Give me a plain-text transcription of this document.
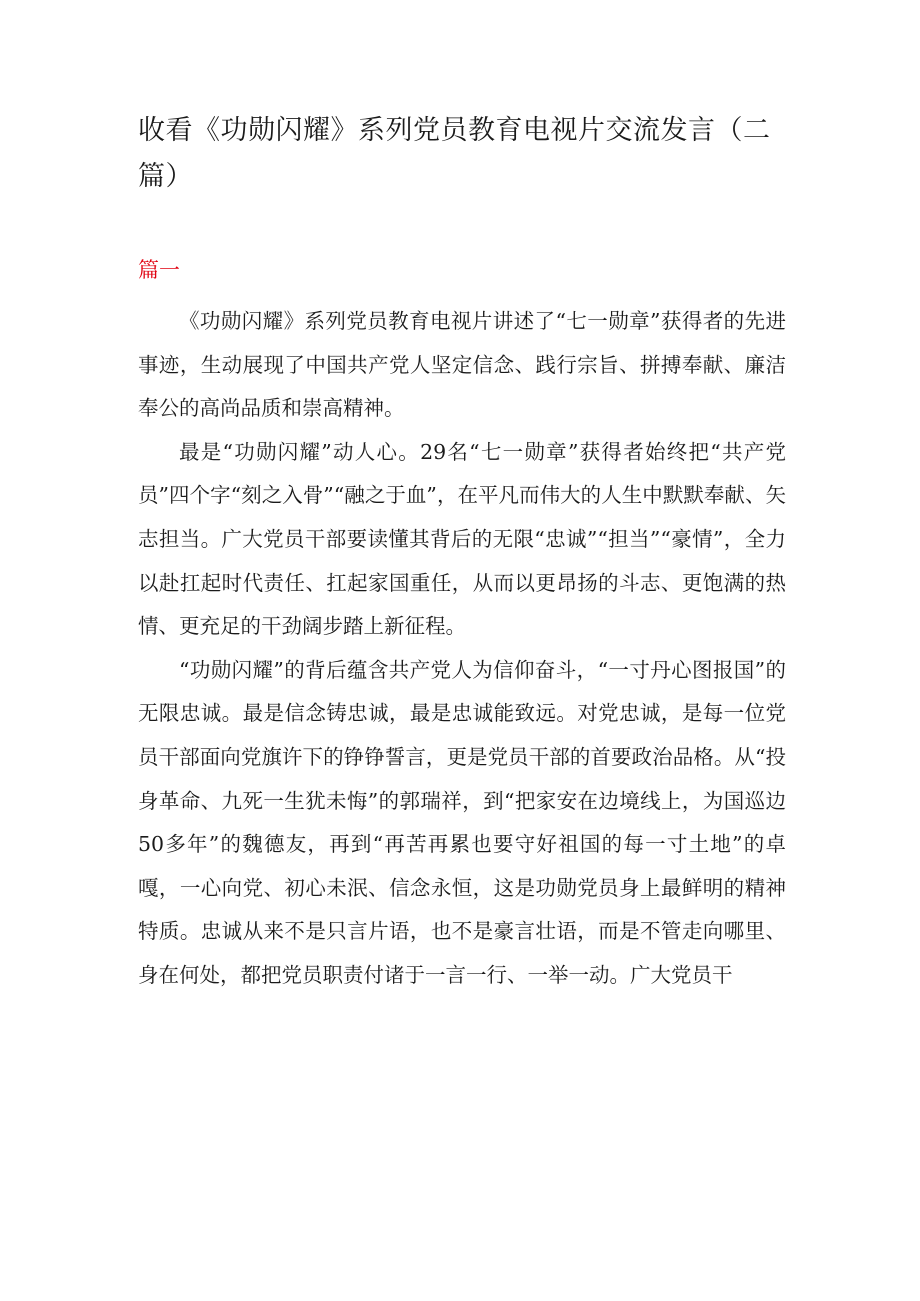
收看《功勋闪耀》系列党员教育电视片交流发言（二篇）
篇一

《功勋闪耀》系列党员教育电视片讲述了“七一勋章”获得者的先进事迹，生动展现了中国共产党人坚定信念、践行宗旨、拼搏奉献、廉洁奉公的高尚品质和崇高精神。

最是“功勋闪耀”动人心。29名“七一勋章”获得者始终把“共产党员”四个字“刻之入骨”“融之于血”，在平凡而伟大的人生中默默奉献、矢志担当。广大党员干部要读懂其背后的无限“忠诚”“担当”“豪情”，全力以赴扛起时代责任、扛起家国重任，从而以更昂扬的斗志、更饱满的热情、更充足的干劲阔步踏上新征程。

“功勋闪耀”的背后蕴含共产党人为信仰奋斗，“一寸丹心图报国”的无限忠诚。最是信念铸忠诚，最是忠诚能致远。对党忠诚，是每一位党员干部面向党旗许下的铮铮誓言，更是党员干部的首要政治品格。从“投身革命、九死一生犹未悔”的郭瑞祥，到“把家安在边境线上，为国巡边50多年”的魏德友，再到“再苦再累也要守好祖国的每一寸土地”的卓嘎，一心向党、初心未泯、信念永恒，这是功勋党员身上最鲜明的精神特质。忠诚从来不是只言片语，也不是豪言壮语，而是不管走向哪里、身在何处，都把党员职责付诸于一言一行、一举一动。广大党员干
